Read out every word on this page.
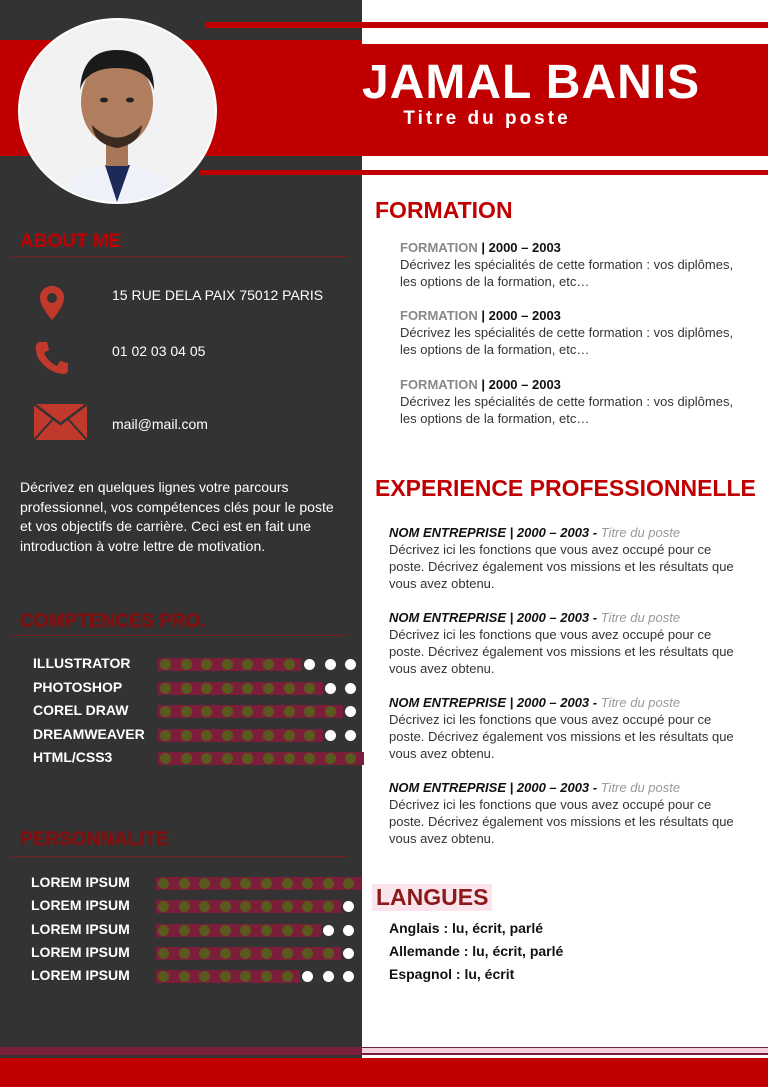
JAMAL BANIS
Titre du poste
ABOUT ME
15 RUE DELA PAIX 75012 PARIS
01 02 03 04 05
mail@mail.com
Décrivez en quelques lignes votre parcours professionnel, vos compétences clés pour le poste et vos objectifs de carrière. Ceci est en fait une introduction à votre lettre de motivation.
COMPTENCES PRO.
ILLUSTRATOR
PHOTOSHOP
COREL DRAW
DREAMWEAVER
HTML/CSS3
PERSONNALITE
LOREM IPSUM
LOREM IPSUM
LOREM IPSUM
LOREM IPSUM
LOREM IPSUM
FORMATION
FORMATION | 2000 – 2003
Décrivez les spécialités de cette formation : vos diplômes, les options de la formation, etc…
FORMATION | 2000 – 2003
Décrivez les spécialités de cette formation : vos diplômes, les options de la formation, etc…
FORMATION | 2000 – 2003
Décrivez les spécialités de cette formation : vos diplômes, les options de la formation, etc…
EXPERIENCE PROFESSIONNELLE
NOM ENTREPRISE | 2000 – 2003 - Titre du poste
Décrivez ici les fonctions que vous avez occupé pour ce poste. Décrivez également vos missions et les résultats que vous avez obtenu.
NOM ENTREPRISE | 2000 – 2003 - Titre du poste
Décrivez ici les fonctions que vous avez occupé pour ce poste. Décrivez également vos missions et les résultats que vous avez obtenu.
NOM ENTREPRISE | 2000 – 2003 - Titre du poste
Décrivez ici les fonctions que vous avez occupé pour ce poste. Décrivez également vos missions et les résultats que vous avez obtenu.
NOM ENTREPRISE | 2000 – 2003 - Titre du poste
Décrivez ici les fonctions que vous avez occupé pour ce poste. Décrivez également vos missions et les résultats que vous avez obtenu.
LANGUES
Anglais : lu, écrit, parlé
Allemande : lu, écrit, parlé
Espagnol : lu, écrit
